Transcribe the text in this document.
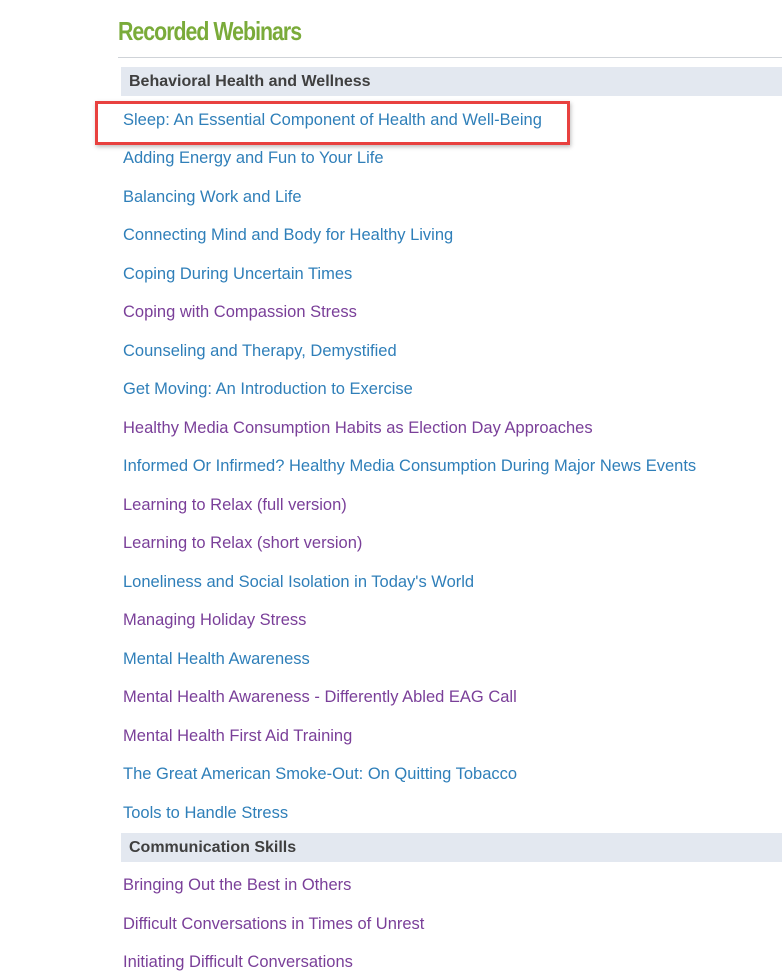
Recorded Webinars
Behavioral Health and Wellness
Sleep: An Essential Component of Health and Well-Being
Adding Energy and Fun to Your Life
Balancing Work and Life
Connecting Mind and Body for Healthy Living
Coping During Uncertain Times
Coping with Compassion Stress
Counseling and Therapy, Demystified
Get Moving: An Introduction to Exercise
Healthy Media Consumption Habits as Election Day Approaches
Informed Or Infirmed? Healthy Media Consumption During Major News Events
Learning to Relax (full version)
Learning to Relax (short version)
Loneliness and Social Isolation in Today's World
Managing Holiday Stress
Mental Health Awareness
Mental Health Awareness - Differently Abled EAG Call
Mental Health First Aid Training
The Great American Smoke-Out: On Quitting Tobacco
Tools to Handle Stress
Communication Skills
Bringing Out the Best in Others
Difficult Conversations in Times of Unrest
Initiating Difficult Conversations
